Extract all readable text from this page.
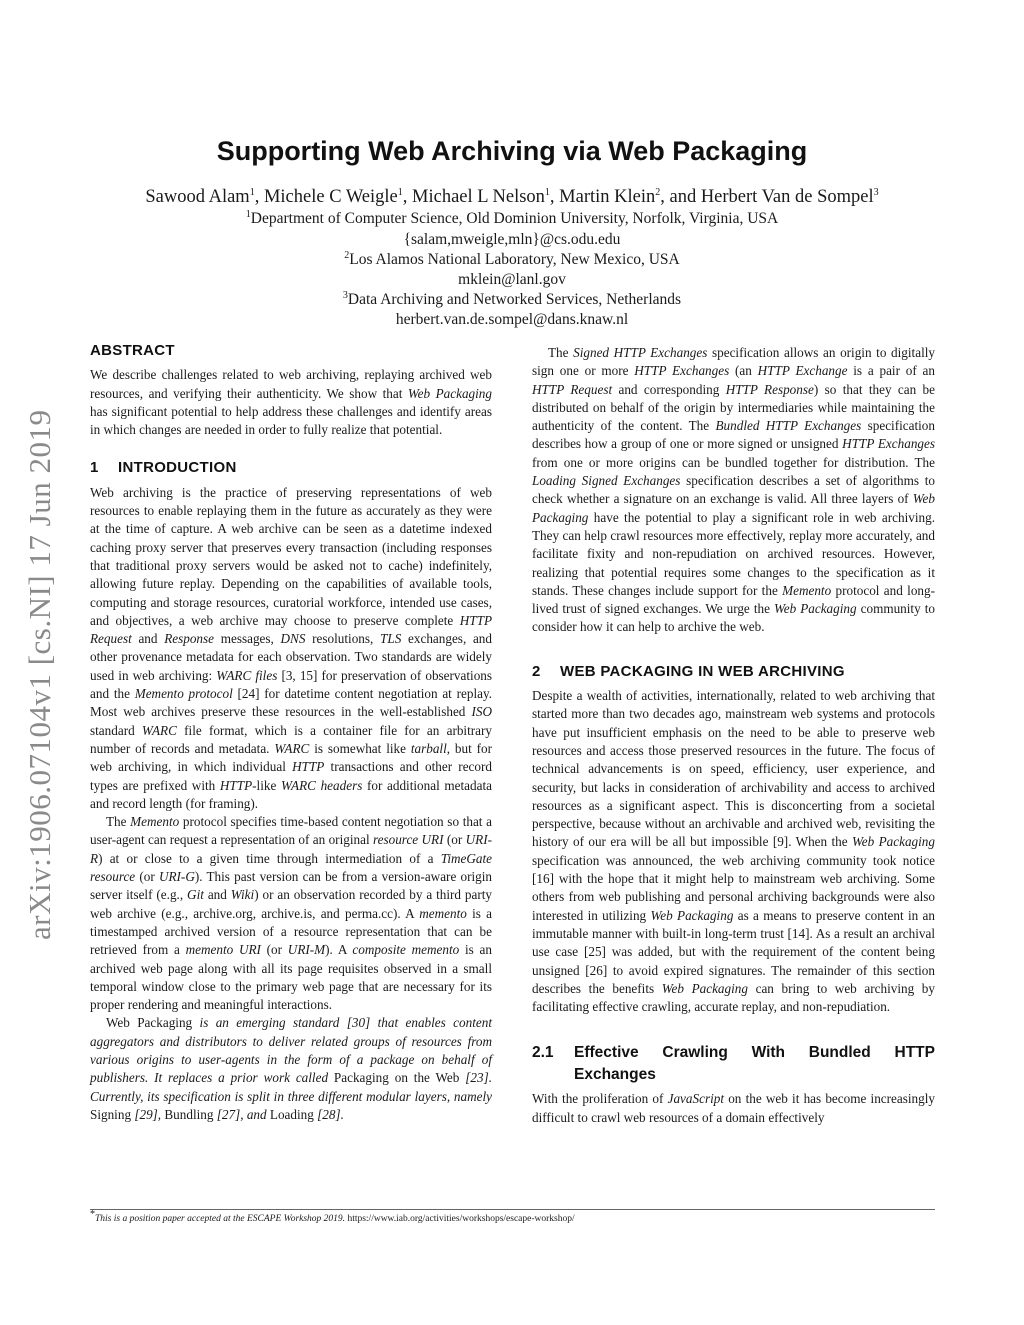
arXiv:1906.07104v1 [cs.NI] 17 Jun 2019
Supporting Web Archiving via Web Packaging
Sawood Alam$^1$, Michele C Weigle$^1$, Michael L Nelson$^1$, Martin Klein$^2$, and Herbert Van de Sompel$^3$
$^1$Department of Computer Science, Old Dominion University, Norfolk, Virginia, USA
{salam,mweigle,mln}@cs.odu.edu
$^2$Los Alamos National Laboratory, New Mexico, USA
mklein@lanl.gov
$^3$Data Archiving and Networked Services, Netherlands
herbert.van.de.sompel@dans.knaw.nl
ABSTRACT

We describe challenges related to web archiving, replaying archived web resources, and verifying their authenticity. We show that Web Packaging has significant potential to help address these challenges and identify areas in which changes are needed in order to fully realize that potential.

1 INTRODUCTION

Web archiving is the practice of preserving representations of web resources to enable replaying them in the future as accurately as they were at the time of capture. A web archive can be seen as a datetime indexed caching proxy server that preserves every transaction (including responses that traditional proxy servers would be asked not to cache) indefinitely, allowing future replay. Depending on the capabilities of available tools, computing and storage resources, curatorial workforce, intended use cases, and objectives, a web archive may choose to preserve complete HTTP Request and Response messages, DNS resolutions, TLS exchanges, and other provenance metadata for each observation. Two standards are widely used in web archiving: WARC files [3, 15] for preservation of observations and the Memento protocol [24] for datetime content negotiation at replay. Most web archives preserve these resources in the well-established ISO standard WARC file format, which is a container file for an arbitrary number of records and metadata. WARC is somewhat like tarball, but for web archiving, in which individual HTTP transactions and other record types are prefixed with HTTP-like WARC headers for additional metadata and record length (for framing).

The Memento protocol specifies time-based content negotiation so that a user-agent can request a representation of an original resource URI (or URI-R) at or close to a given time through intermediation of a TimeGate resource (or URI-G). This past version can be from a version-aware origin server itself (e.g., Git and Wiki) or an observation recorded by a third party web archive (e.g., archive.org, archive.is, and perma.cc). A memento is a timestamped archived version of a resource representation that can be retrieved from a memento URI (or URI-M). A composite memento is an archived web page along with all its page requisites observed in a small temporal window close to the primary web page that are necessary for its proper rendering and meaningful interactions.

Web Packaging is an emerging standard [30] that enables content aggregators and distributors to deliver related groups of resources from various origins to user-agents in the form of a package on behalf of publishers. It replaces a prior work called Packaging on the Web [23]. Currently, its specification is split in three different modular layers, namely Signing [29], Bundling [27], and Loading [28].

The Signed HTTP Exchanges specification allows an origin to digitally sign one or more HTTP Exchanges (an HTTP Exchange is a pair of an HTTP Request and corresponding HTTP Response) so that they can be distributed on behalf of the origin by intermediaries while maintaining the authenticity of the content. The Bundled HTTP Exchanges specification describes how a group of one or more signed or unsigned HTTP Exchanges from one or more origins can be bundled together for distribution. The Loading Signed Exchanges specification describes a set of algorithms to check whether a signature on an exchange is valid. All three layers of Web Packaging have the potential to play a significant role in web archiving. They can help crawl resources more effectively, replay more accurately, and facilitate fixity and non-repudiation on archived resources. However, realizing that potential requires some changes to the specification as it stands. These changes include support for the Memento protocol and long-lived trust of signed exchanges. We urge the Web Packaging community to consider how it can help to archive the web.

2 WEB PACKAGING IN WEB ARCHIVING

Despite a wealth of activities, internationally, related to web archiving that started more than two decades ago, mainstream web systems and protocols have put insufficient emphasis on the need to be able to preserve web resources and access those preserved resources in the future. The focus of technical advancements is on speed, efficiency, user experience, and security, but lacks in consideration of archivability and access to archived resources as a significant aspect. This is disconcerting from a societal perspective, because without an archivable and archived web, revisiting the history of our era will be all but impossible [9]. When the Web Packaging specification was announced, the web archiving community took notice [16] with the hope that it might help to mainstream web archiving. Some others from web publishing and personal archiving backgrounds were also interested in utilizing Web Packaging as a means to preserve content in an immutable manner with built-in long-term trust [14]. As a result an archival use case [25] was added, but with the requirement of the content being unsigned [26] to avoid expired signatures. The remainder of this section describes the benefits Web Packaging can bring to web archiving by facilitating effective crawling, accurate replay, and non-repudiation.

2.1	Effective Crawling With Bundled HTTP Exchanges

With the proliferation of JavaScript on the web it has become increasingly difficult to crawl web resources of a domain effectively

*This is a position paper accepted at the ESCAPE Workshop 2019. https://www.iab.org/activities/workshops/escape-workshop/
